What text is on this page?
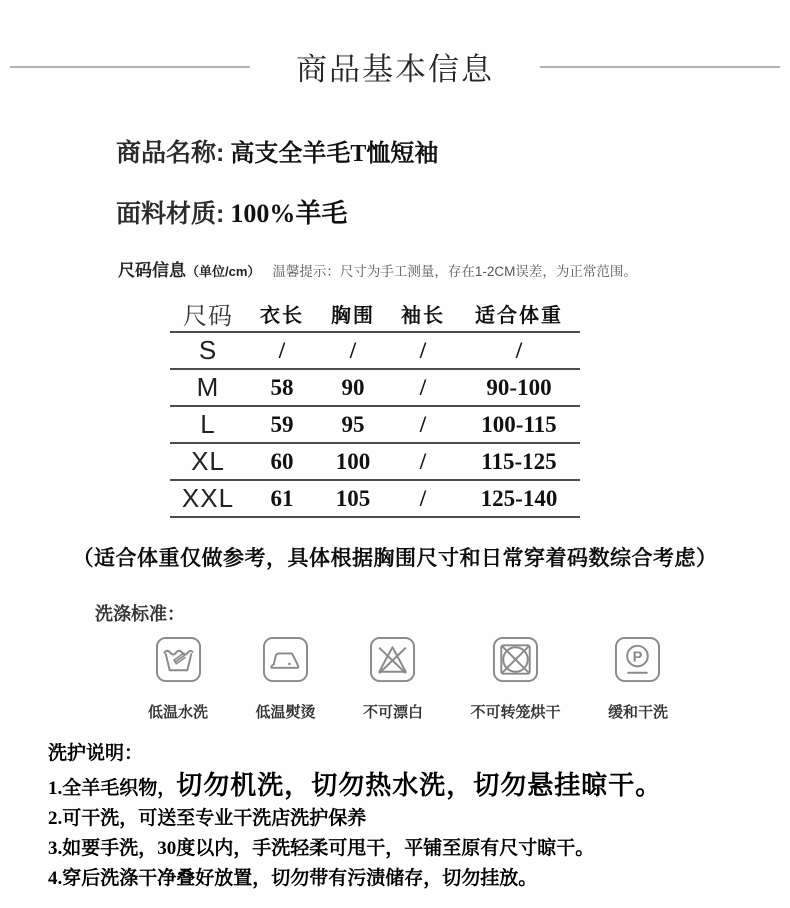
商品基本信息
商品名称: 高支全羊毛T恤短袖
面料材质: 100%羊毛
尺码信息 （单位/cm） 温馨提示：尺寸为手工测量，存在1-2CM误差，为正常范围。
尺码	衣长	胸围	袖长	适合体重
S	/	/	/	/
M	58	90	/	90-100
L	59	95	/	100-115
XL	60	100	/	115-125
XXL	61	105	/	125-140
（适合体重仅做参考，具体根据胸围尺寸和日常穿着码数综合考虑）
洗涤标准：
低温水洗	低温熨烫	不可漂白	不可转笼烘干
P
缓和干洗
洗护说明：
1.全羊毛织物，切勿机洗，切勿热水洗，切勿悬挂晾干。
2.可干洗，可送至专业干洗店洗护保养
3.如要手洗，30度以内，手洗轻柔可甩干，平铺至原有尺寸晾干。
4.穿后洗涤干净叠好放置，切勿带有污渍储存，切勿挂放。
